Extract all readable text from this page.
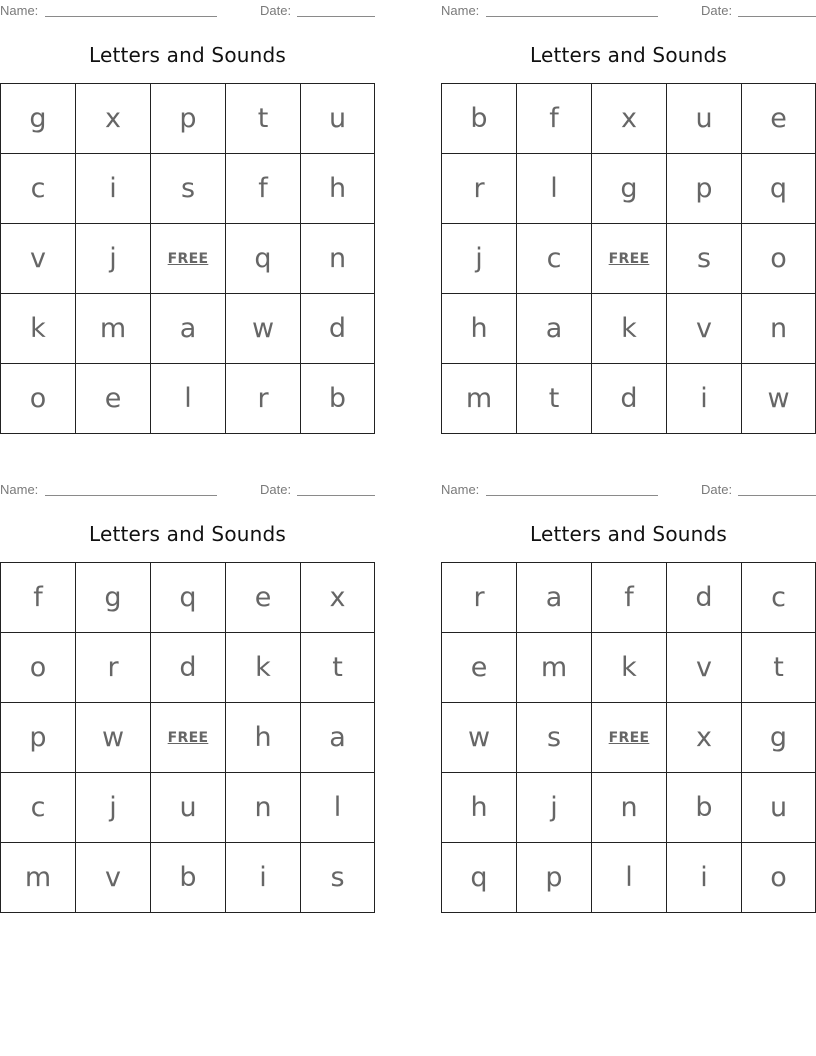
Name:	Date:
Letters and Sounds
g	x	p	t	u
c	i	s	f	h
v	j	FREE	q	n
k	m	a	w	d
o	e	l	r	b
Name:	Date:
Letters and Sounds
b	f	x	u	e
r	l	g	p	q
j	c	FREE	s	o
h	a	k	v	n
m	t	d	i	w
Name:	Date:
Letters and Sounds
f	g	q	e	x
o	r	d	k	t
p	w	FREE	h	a
c	j	u	n	l
m	v	b	i	s
Name:	Date:
Letters and Sounds
r	a	f	d	c
e	m	k	v	t
w	s	FREE	x	g
h	j	n	b	u
q	p	l	i	o
